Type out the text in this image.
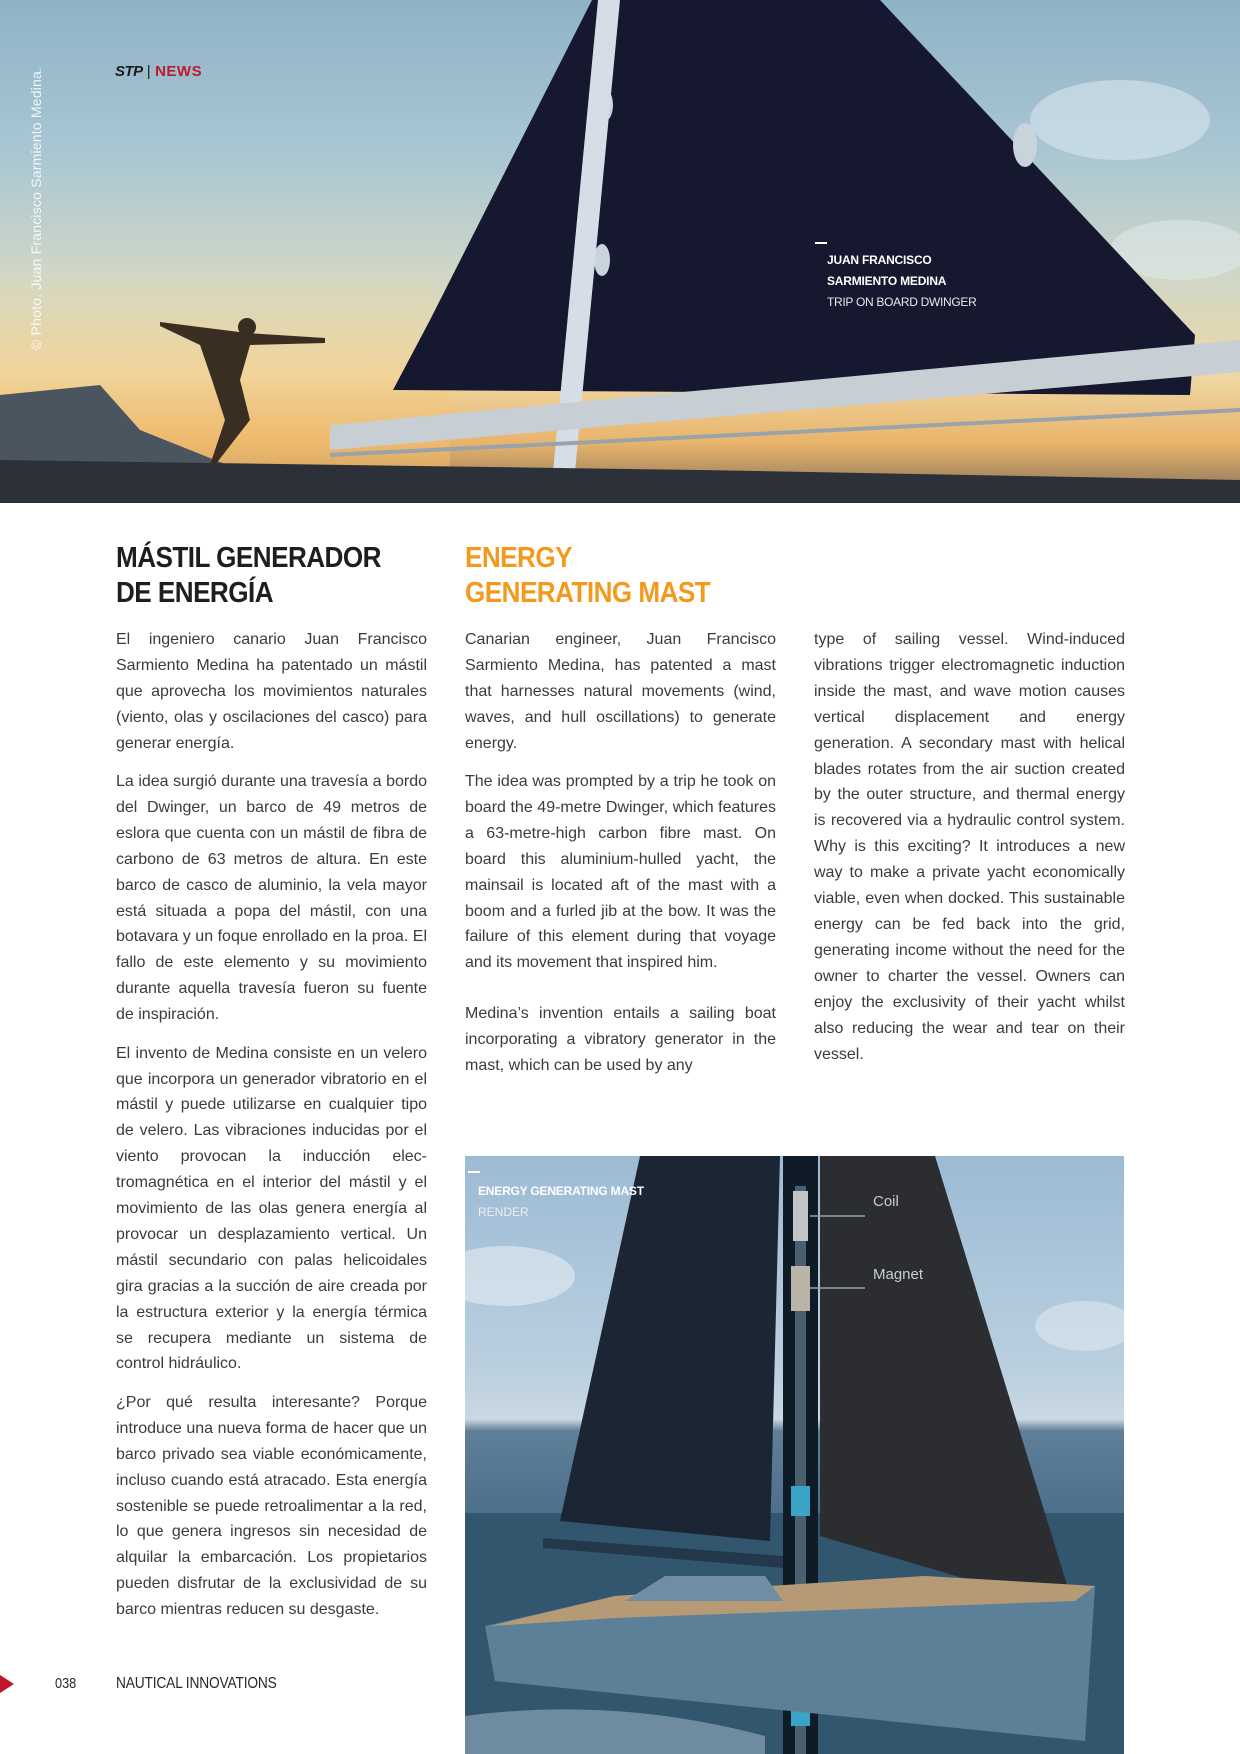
STP | NEWS
© Photo. Juan Francisco Sarmiento Medina.	JUAN FRANCISCO
SARMIENTO MEDINA
TRIP ON BOARD DWINGER
MÁSTIL GENERADOR
DE ENERGÍA
ENERGY
GENERATING MAST

El ingeniero canario Juan Francisco Sarmiento Medina ha patentado un mástil que aprovecha los movimientos naturales (viento, olas y oscilaciones del casco) para generar energía.

La idea surgió durante una travesía a bordo del Dwinger, un barco de 49 metros de eslora que cuenta con un mástil de fibra de carbono de 63 metros de altura. En este barco de casco de aluminio, la vela mayor está situada a popa del mástil, con una botavara y un foque enrollado en la proa. El fallo de este elemento y su movimiento durante aquella travesía fueron su fuente de inspiración.

El invento de Medina consiste en un velero que incorpora un generador vibratorio en el mástil y puede utilizarse en cualquier tipo de velero. Las vibraciones inducidas por el viento provocan la inducción electromagnética en el interior del mástil y el movimiento de las olas genera energía al provocar un desplazamiento vertical. Un mástil secundario con palas helicoidales gira gracias a la succión de aire creada por la estructura exterior y la energía térmica se recupera mediante un sistema de control hidráulico.

¿Por qué resulta interesante? Porque introduce una nueva forma de hacer que un barco privado sea viable económicamente, incluso cuando está atracado. Esta energía sostenible se puede retroalimentar a la red, lo que genera ingresos sin necesidad de alquilar la embarcación. Los propietarios pueden disfrutar de la exclusividad de su barco mientras reducen su desgaste.

Canarian engineer, Juan Francisco Sarmiento Medina, has patented a mast that harnesses natural movements (wind, waves, and hull oscillations) to generate energy.

The idea was prompted by a trip he took on board the 49-metre Dwinger, which features a 63-metre-high carbon fibre mast. On board this aluminium-hulled yacht, the mainsail is located aft of the mast with a boom and a furled jib at the bow. It was the failure of this element during that voyage and its movement that inspired him.

Medina’s invention entails a sailing boat incorporating a vibratory generator in the mast, which can be used by any

type of sailing vessel. Wind-induced vibrations trigger electromagnetic induction inside the mast, and wave motion causes vertical displacement and energy generation. A secondary mast with helical blades rotates from the air suction created by the outer structure, and thermal energy is recovered via a hydraulic control system. Why is this exciting? It introduces a new way to make a private yacht economically viable, even when docked. This sustainable energy can be fed back into the grid, generating income without the need for the owner to charter the vessel. Owners can enjoy the exclusivity of their yacht whilst also reducing the wear and tear on their vessel.

ENERGY GENERATING MAST
RENDER
Coil
Magnet
038 NAUTICAL INNOVATIONS
